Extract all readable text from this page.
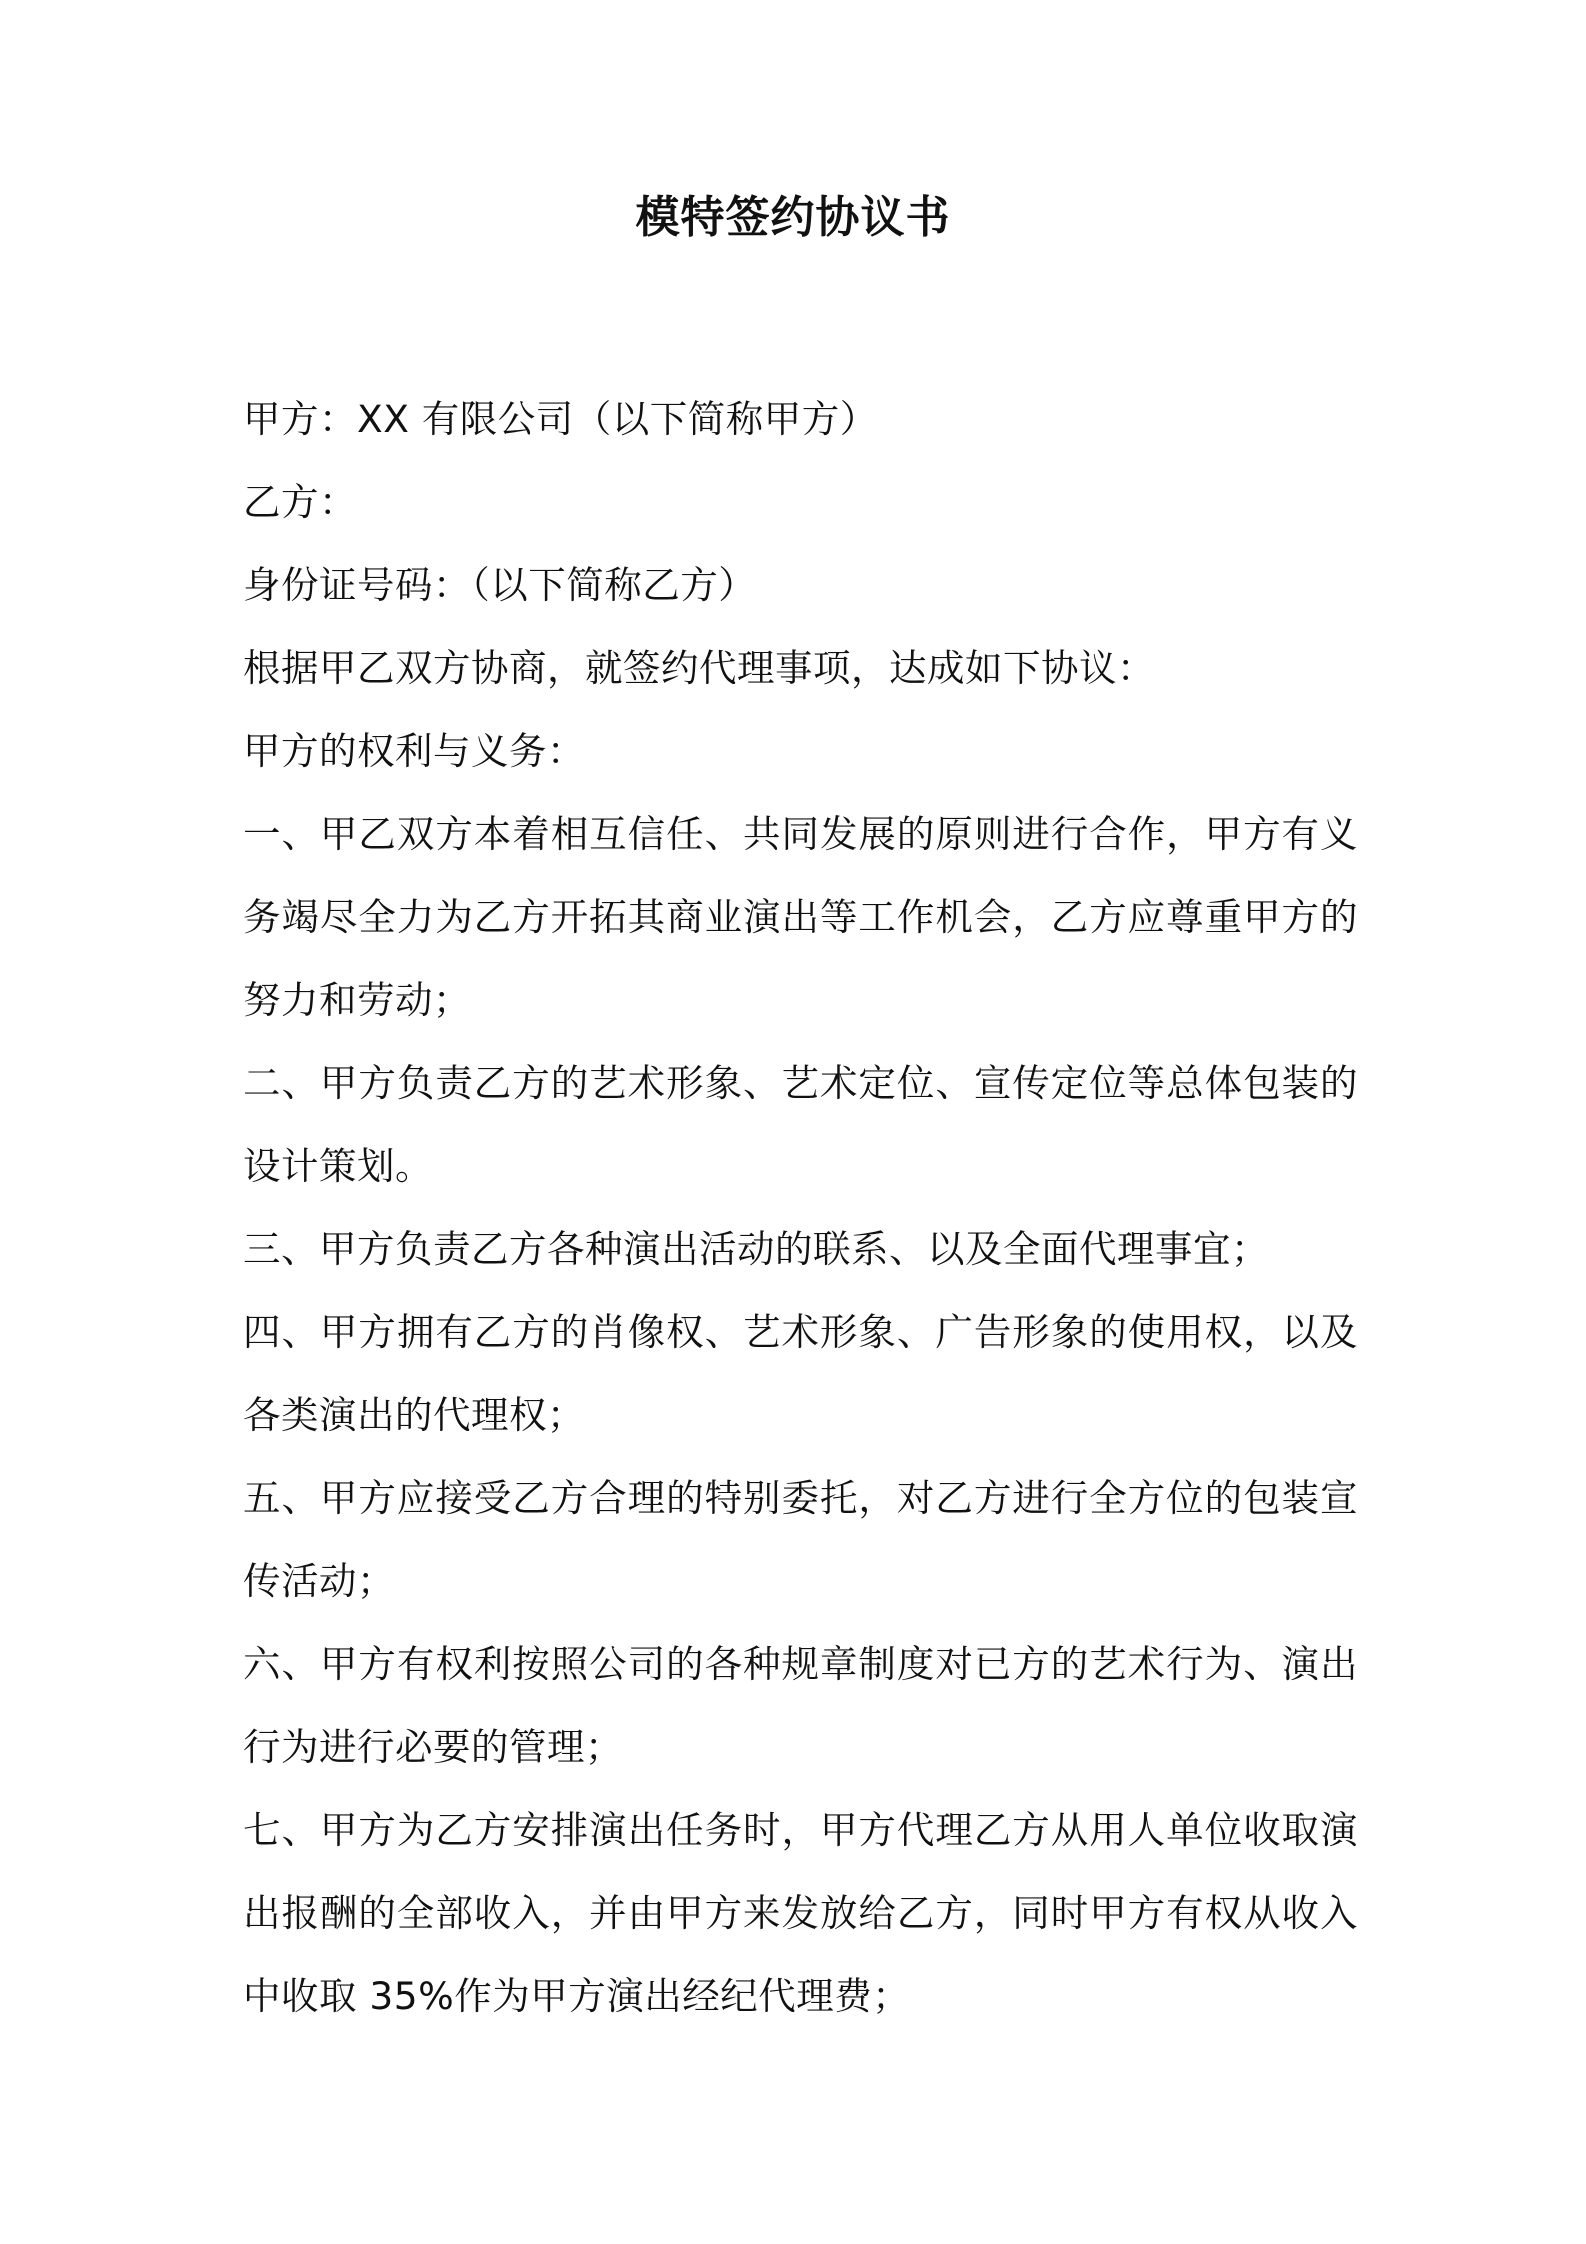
模特签约协议书

甲方：XX 有限公司（以下简称甲方）

乙方：

身份证号码：（以下简称乙方）

根据甲乙双方协商，就签约代理事项，达成如下协议：

甲方的权利与义务：

一、甲乙双方本着相互信任、共同发展的原则进行合作，甲方有义务竭尽全力为乙方开拓其商业演出等工作机会，乙方应尊重甲方的努力和劳动；

二、甲方负责乙方的艺术形象、艺术定位、宣传定位等总体包装的设计策划。

三、甲方负责乙方各种演出活动的联系、以及全面代理事宜；

四、甲方拥有乙方的肖像权、艺术形象、广告形象的使用权，以及各类演出的代理权；

五、甲方应接受乙方合理的特别委托，对乙方进行全方位的包装宣传活动；

六、甲方有权利按照公司的各种规章制度对已方的艺术行为、演出行为进行必要的管理；

七、甲方为乙方安排演出任务时，甲方代理乙方从用人单位收取演出报酬的全部收入，并由甲方来发放给乙方，同时甲方有权从收入中收取 35%作为甲方演出经纪代理费；
